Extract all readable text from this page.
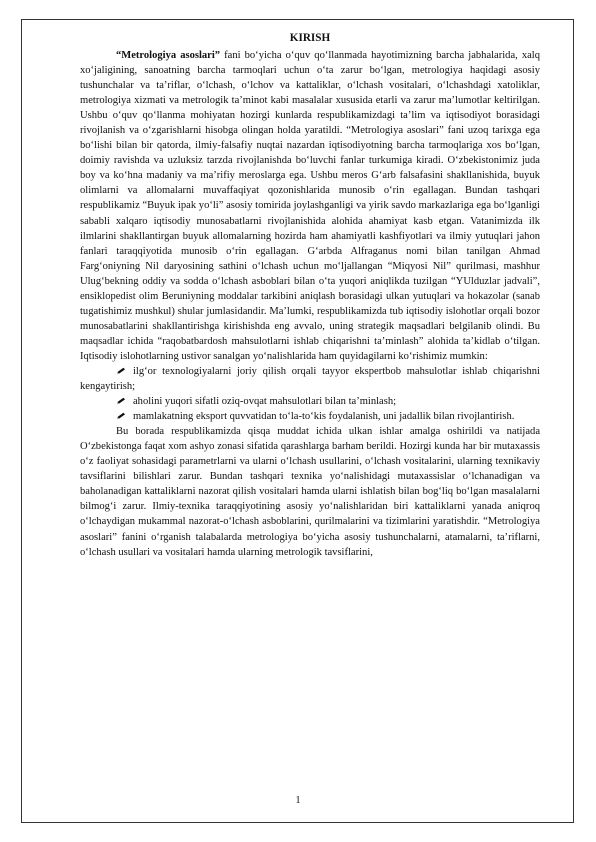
KIRISH

“Metrologiya asoslari” fani bo‘yicha o‘quv qo‘llanmada hayotimizning barcha jabhalarida, xalq xo‘jaligining, sanoatning barcha tarmoqlari uchun o‘ta zarur bo‘lgan, metrologiya haqidagi asosiy tushunchalar va ta’riflar, o‘lchash, o‘lchov va kattaliklar, o‘lchash vositalari, o‘lchashdagi xatoliklar, metrologiya xizmati va metrologik ta’minot kabi masalalar xususida etarli va zarur ma’lumotlar keltirilgan. Ushbu o‘quv qo‘llanma mohiyatan hozirgi kunlarda respublikamizdagi ta’lim va iqtisodiyot borasidagi rivojlanish va o‘zgarishlarni hisobga olingan holda yaratildi. “Metrologiya asoslari” fani uzoq tarixga ega bo‘lishi bilan bir qatorda, ilmiy-falsafiy nuqtai nazardan iqtisodiyotning barcha tarmoqlariga xos bo‘lgan, doimiy ravishda va uzluksiz tarzda rivojlanishda bo‘luvchi fanlar turkumiga kiradi. O‘zbekistonimiz juda boy va ko‘hna madaniy va ma’rifiy meroslarga ega. Ushbu meros G‘arb falsafasini shakllanishida, buyuk olimlarni va allomalarni muvaffaqiyat qozonishlarida munosib o‘rin egallagan. Bundan tashqari respublikamiz “Buyuk ipak yo‘li” asosiy tomirida joylashganligi va yirik savdo markazlariga ega bo‘lganligi sababli xalqaro iqtisodiy munosabatlarni rivojlanishida alohida ahamiyat kasb etgan. Vatanimizda ilk ilmlarini shakllantirgan buyuk allomalarning hozirda ham ahamiyatli kashfiyotlari va ilmiy yutuqlari jahon fanlari taraqqiyotida munosib o‘rin egallagan. G‘arbda Alfraganus nomi bilan tanilgan Ahmad Farg‘oniyning Nil daryosining sathini o‘lchash uchun mo‘ljallangan “Miqyosi Nil” qurilmasi, mashhur Ulug‘bekning oddiy va sodda o‘lchash asboblari bilan o‘ta yuqori aniqlikda tuzilgan “YUlduzlar jadvali”, ensiklopedist olim Beruniyning moddalar tarkibini aniqlash borasidagi ulkan yutuqlari va hokazolar (sanab tugatishimiz mushkul) shular jumlasidandir. Ma’lumki, respublikamizda tub iqtisodiy islohotlar orqali bozor munosabatlarini shakllantirishga kirishishda eng avvalo, uning strategik maqsadlari belgilanib olindi. Bu maqsadlar ichida “raqobatbardosh mahsulotlarni ishlab chiqarishni ta’minlash” alohida ta’kidlab o‘tilgan. Iqtisodiy islohotlarning ustivor sanalgan yo‘nalishlarida ham quyidagilarni ko‘rishimiz mumkin:

ilg‘or texnologiyalarni joriy qilish orqali tayyor ekspertbob mahsulotlar ishlab chiqarishni kengaytirish;

aholini yuqori sifatli oziq-ovqat mahsulotlari bilan ta’minlash;

mamlakatning eksport quvvatidan to‘la-to‘kis foydalanish, uni jadallik bilan rivojlantirish.

Bu borada respublikamizda qisqa muddat ichida ulkan ishlar amalga oshirildi va natijada O‘zbekistonga faqat xom ashyo zonasi sifatida qarashlarga barham berildi. Hozirgi kunda har bir mutaxassis o‘z faoliyat sohasidagi parametrlarni va ularni o‘lchash usullarini, o‘lchash vositalarini, ularning texnikaviy tavsiflarini bilishlari zarur. Bundan tashqari texnika yo‘nalishidagi mutaxassislar o‘lchanadigan va baholanadigan kattaliklarni nazorat qilish vositalari hamda ularni ishlatish bilan bog‘liq bo‘lgan masalalarni bilmog‘i zarur. Ilmiy-texnika taraqqiyotining asosiy yo‘nalishlaridan biri kattaliklarni yanada aniqroq o‘lchaydigan mukammal nazorat-o‘lchash asboblarini, qurilmalarini va tizimlarini yaratishdir. “Metrologiya asoslari” fanini o‘rganish talabalarda metrologiya bo‘yicha asosiy tushunchalarni, atamalarni, ta’riflarni, o‘lchash usullari va vositalari hamda ularning metrologik tavsiflarini,

1
